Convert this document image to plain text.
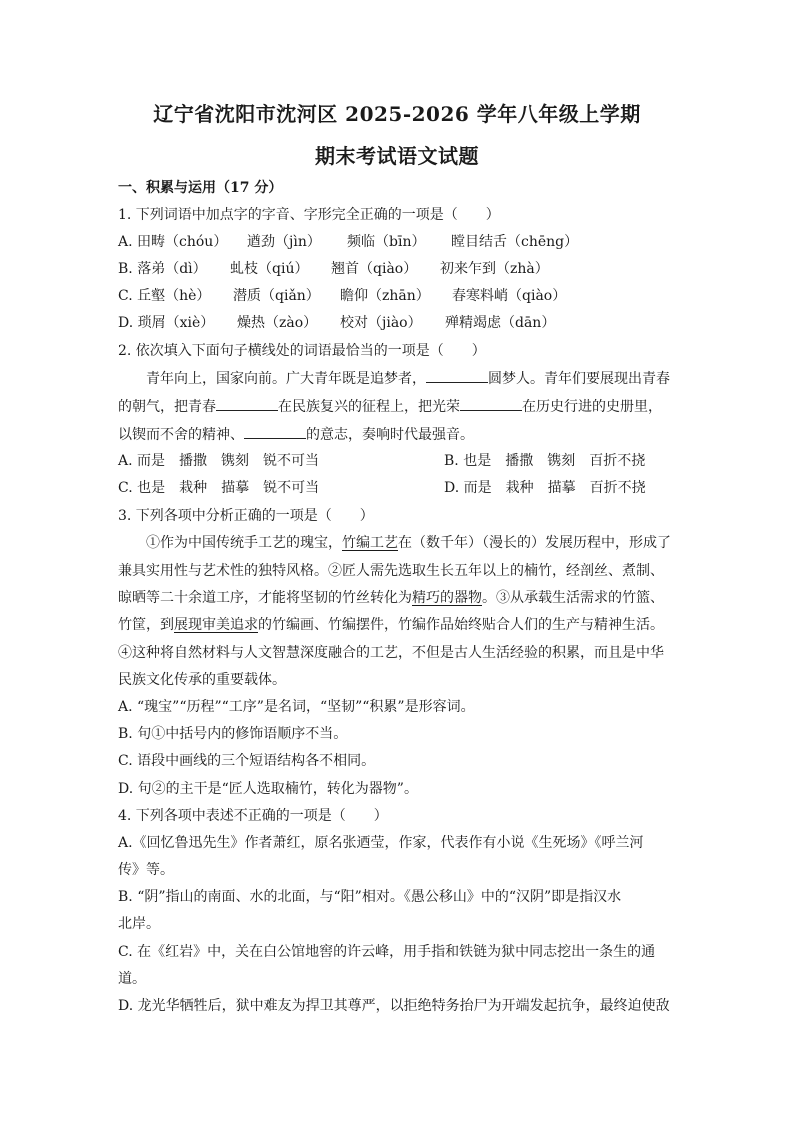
辽宁省沈阳市沈河区 2025-2026 学年八年级上学期
期末考试语文试题
一、积累与运用（17 分）
1. 下列词语中加点字的字音、字形完全正确的一项是（　　）
A. 田畴（chóu） 遒劲（jìn） 频临（bīn） 瞠目结舌（chēng）
B. 落弟（dì） 虬枝（qiú） 翘首（qiào） 初来乍到（zhà）
C. 丘壑（hè） 潜质（qiǎn） 瞻仰（zhān） 春寒料峭（qiào）
D. 琐屑（xiè） 燥热（zào） 校对（jiào） 殚精竭虑（dān）
2. 依次填入下面句子横线处的词语最恰当的一项是（　　）
青年向上，国家向前。广大青年既是追梦者，	圆梦人。青年们要展现出青春
的朝气，把青春	在民族复兴的征程上，把光荣	在历史行进的史册里，
以锲而不舍的精神、	的意志，奏响时代最强音。
A. 而是　播撒　镌刻　锐不可当	B. 也是　播撒　镌刻　百折不挠
C. 也是　栽种　描摹　锐不可当	D. 而是　栽种　描摹　百折不挠
3. 下列各项中分析正确的一项是（　　）
①作为中国传统手工艺的瑰宝，竹编工艺在（数千年）（漫长的）发展历程中，形成了
兼具实用性与艺术性的独特风格。②匠人需先选取生长五年以上的楠竹，经剖丝、煮制、
晾晒等二十余道工序，才能将坚韧的竹丝转化为精巧的器物。③从承载生活需求的竹篮、
竹筐，到展现审美追求的竹编画、竹编摆件，竹编作品始终贴合人们的生产与精神生活。
④这种将自然材料与人文智慧深度融合的工艺，不但是古人生活经验的积累，而且是中华
民族文化传承的重要载体。
A. “瑰宝”“历程”“工序”是名词，“坚韧”“积累”是形容词。
B. 句①中括号内的修饰语顺序不当。
C. 语段中画线的三个短语结构各不相同。
D. 句②的主干是“匠人选取楠竹，转化为器物”。
4. 下列各项中表述不正确的一项是（　　）
A.《回忆鲁迅先生》作者萧红，原名张迺莹，作家，代表作有小说《生死场》《呼兰河
传》等。
B. “阴”指山的南面、水的北面，与“阳”相对。《愚公移山》中的“汉阴”即是指汉水
北岸。
C. 在《红岩》中，关在白公馆地窖的许云峰，用手指和铁链为狱中同志挖出一条生的通
道。
D. 龙光华牺牲后，狱中难友为捍卫其尊严，以拒绝特务抬尸为开端发起抗争，最终迫使敌
